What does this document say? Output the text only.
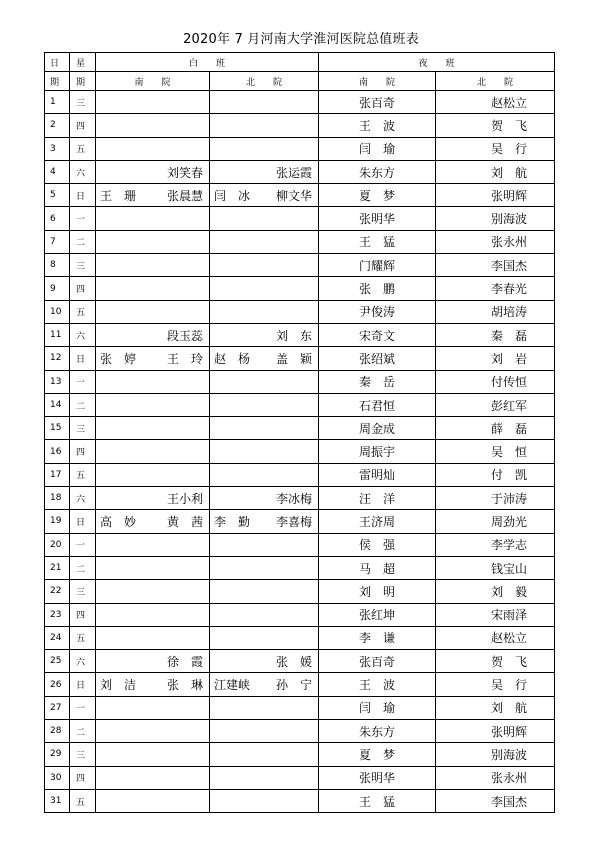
2020年 7 月河南大学淮河医院总值班表
日	星	白　　班		夜　　班	
期	期	南　　院	北　　院	南　　院	北　　院
1	三			张百奇	赵松立
2	四			王　波	贺　飞
3	五			闫　瑜	吴　行
4	六	刘笑春	张运霞	朱东方	刘　航
5	日	王　珊 张晨慧	闫　冰 柳文华	夏　梦	张明辉
6	一			张明华	别海波
7	二			王　猛	张永州
8	三			门耀辉	李国杰
9	四			张　鹏	李春光
10	五			尹俊涛	胡培涛
11	六	段玉蕊	刘　东	宋奇文	秦　磊
12	日	张　婷 王　玲	赵　杨 盖　颖	张绍斌	刘　岩
13	一			秦　岳	付传恒
14	二			石君恒	彭红军
15	三			周金成	薛　磊
16	四			周振宇	吴　恒
17	五			雷明灿	付　凯
18	六	王小利	李冰梅	汪　洋	于沛涛
19	日	高　妙 黄　茜	李　勤 李喜梅	王济周	周劲光
20	一			侯　强	李学志
21	二			马　超	钱宝山
22	三			刘　明	刘　毅
23	四			张红坤	宋雨泽
24	五			李　谦	赵松立
25	六	徐　霞	张　媛	张百奇	贺　飞
26	日	刘　洁 张　琳	江建峡 孙　宁	王　波	吴　行
27	一			闫　瑜	刘　航
28	二			朱东方	张明辉
29	三			夏　梦	别海波
30	四			张明华	张永州
31	五			王　猛	李国杰
